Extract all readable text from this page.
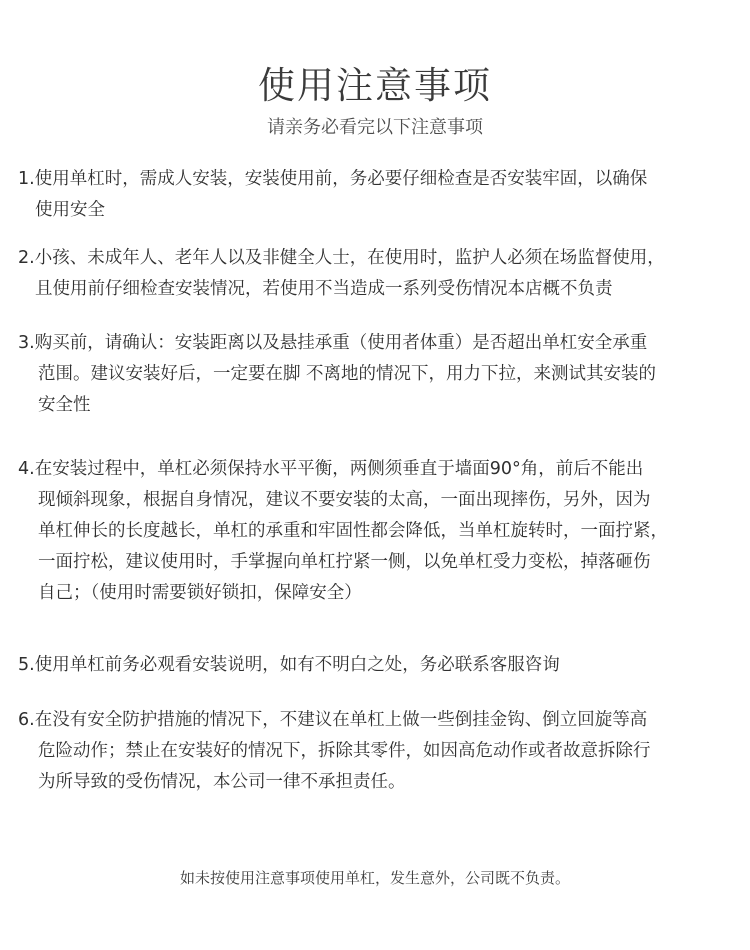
使用注意事项
请亲务必看完以下注意事项
1.使用单杠时，需成人安装，安装使用前，务必要仔细检查是否安装牢固，以确保
使用安全
2.小孩、未成年人、老年人以及非健全人士，在使用时，监护人必须在场监督使用，
且使用前仔细检查安装情况，若使用不当造成一系列受伤情况本店概不负责
3.购买前，请确认：安装距离以及悬挂承重（使用者体重）是否超出单杠安全承重
范围。建议安装好后，一定要在脚 不离地的情况下，用力下拉，来测试其安装的
安全性
4.在安装过程中，单杠必须保持水平平衡，两侧须垂直于墙面90°角，前后不能出
现倾斜现象，根据自身情况，建议不要安装的太高，一面出现摔伤，另外，因为
单杠伸长的长度越长，单杠的承重和牢固性都会降低，当单杠旋转时，一面拧紧，
一面拧松，建议使用时，手掌握向单杠拧紧一侧，以免单杠受力变松，掉落砸伤
自己；（使用时需要锁好锁扣，保障安全）
5.使用单杠前务必观看安装说明，如有不明白之处，务必联系客服咨询
6.在没有安全防护措施的情况下，不建议在单杠上做一些倒挂金钩、倒立回旋等高
危险动作；禁止在安装好的情况下，拆除其零件，如因高危动作或者故意拆除行
为所导致的受伤情况，本公司一律不承担责任。
如未按使用注意事项使用单杠，发生意外，公司既不负责。
